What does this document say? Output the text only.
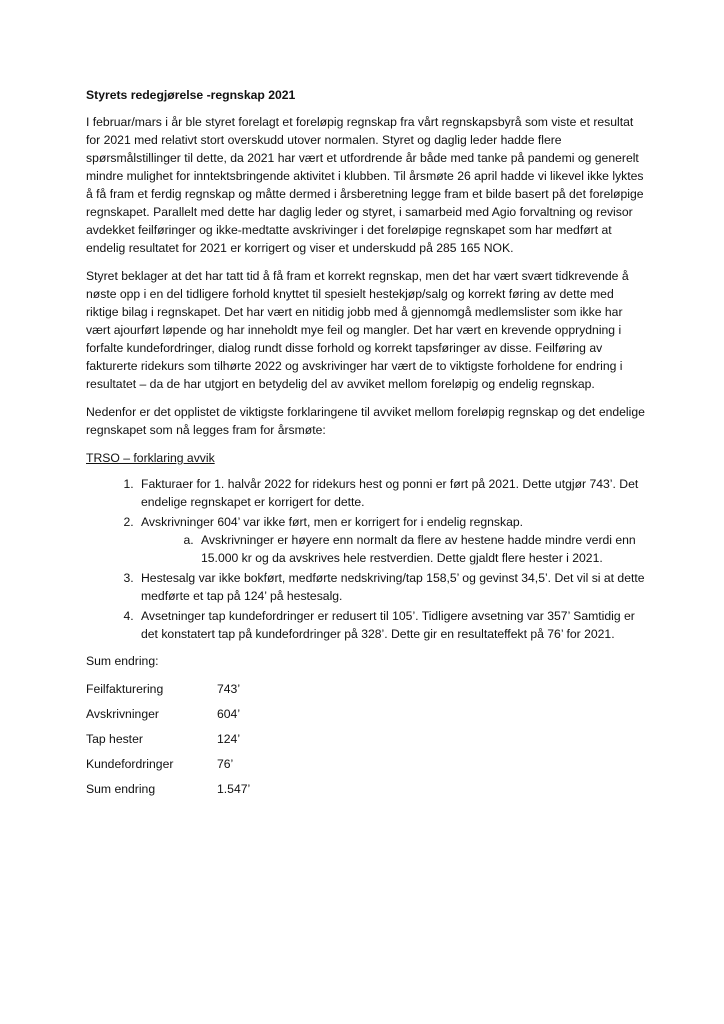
Styrets redegjørelse -regnskap 2021

I februar/mars i år ble styret forelagt et foreløpig regnskap fra vårt regnskapsbyrå som viste et resultat for 2021 med relativt stort overskudd utover normalen. Styret og daglig leder hadde flere spørsmålstillinger til dette, da 2021 har vært et utfordrende år både med tanke på pandemi og generelt mindre mulighet for inntektsbringende aktivitet i klubben. Til årsmøte 26 april hadde vi likevel ikke lyktes å få fram et ferdig regnskap og måtte dermed i årsberetning legge fram et bilde basert på det foreløpige regnskapet. Parallelt med dette har daglig leder og styret, i samarbeid med Agio forvaltning og revisor avdekket feilføringer og ikke-medtatte avskrivinger i det foreløpige regnskapet som har medført at endelig resultatet for 2021 er korrigert og viser et underskudd på 285 165 NOK.

Styret beklager at det har tatt tid å få fram et korrekt regnskap, men det har vært svært tidkrevende å nøste opp i en del tidligere forhold knyttet til spesielt hestekjøp/salg og korrekt føring av dette med riktige bilag i regnskapet. Det har vært en nitidig jobb med å gjennomgå medlemslister som ikke har vært ajourført løpende og har inneholdt mye feil og mangler. Det har vært en krevende opprydning i forfalte kundefordringer, dialog rundt disse forhold og korrekt tapsføringer av disse. Feilføring av fakturerte ridekurs som tilhørte 2022 og avskrivinger har vært de to viktigste forholdene for endring i resultatet – da de har utgjort en betydelig del av avviket mellom foreløpig og endelig regnskap.

Nedenfor er det opplistet de viktigste forklaringene til avviket mellom foreløpig regnskap og det endelige regnskapet som nå legges fram for årsmøte:

TRSO – forklaring avvik
1. Fakturaer for 1. halvår 2022 for ridekurs hest og ponni er ført på 2021. Dette utgjør 743’. Det endelige regnskapet er korrigert for dette.
2. Avskrivninger 604’ var ikke ført, men er korrigert for i endelig regnskap.
a. Avskrivninger er høyere enn normalt da flere av hestene hadde mindre verdi enn 15.000 kr og da avskrives hele restverdien. Dette gjaldt flere hester i 2021.
3. Hestesalg var ikke bokført, medførte nedskriving/tap 158,5’ og gevinst 34,5’. Det vil si at dette medførte et tap på 124’ på hestesalg.
4. Avsetninger tap kundefordringer er redusert til 105’. Tidligere avsetning var 357’ Samtidig er det konstatert tap på kundefordringer på 328’. Dette gir en resultateffekt på 76’ for 2021.
Sum endring:
Feilfakturering	743’
Avskrivninger	604’
Tap hester	124’
Kundefordringer	76’
Sum endring	1.547’
